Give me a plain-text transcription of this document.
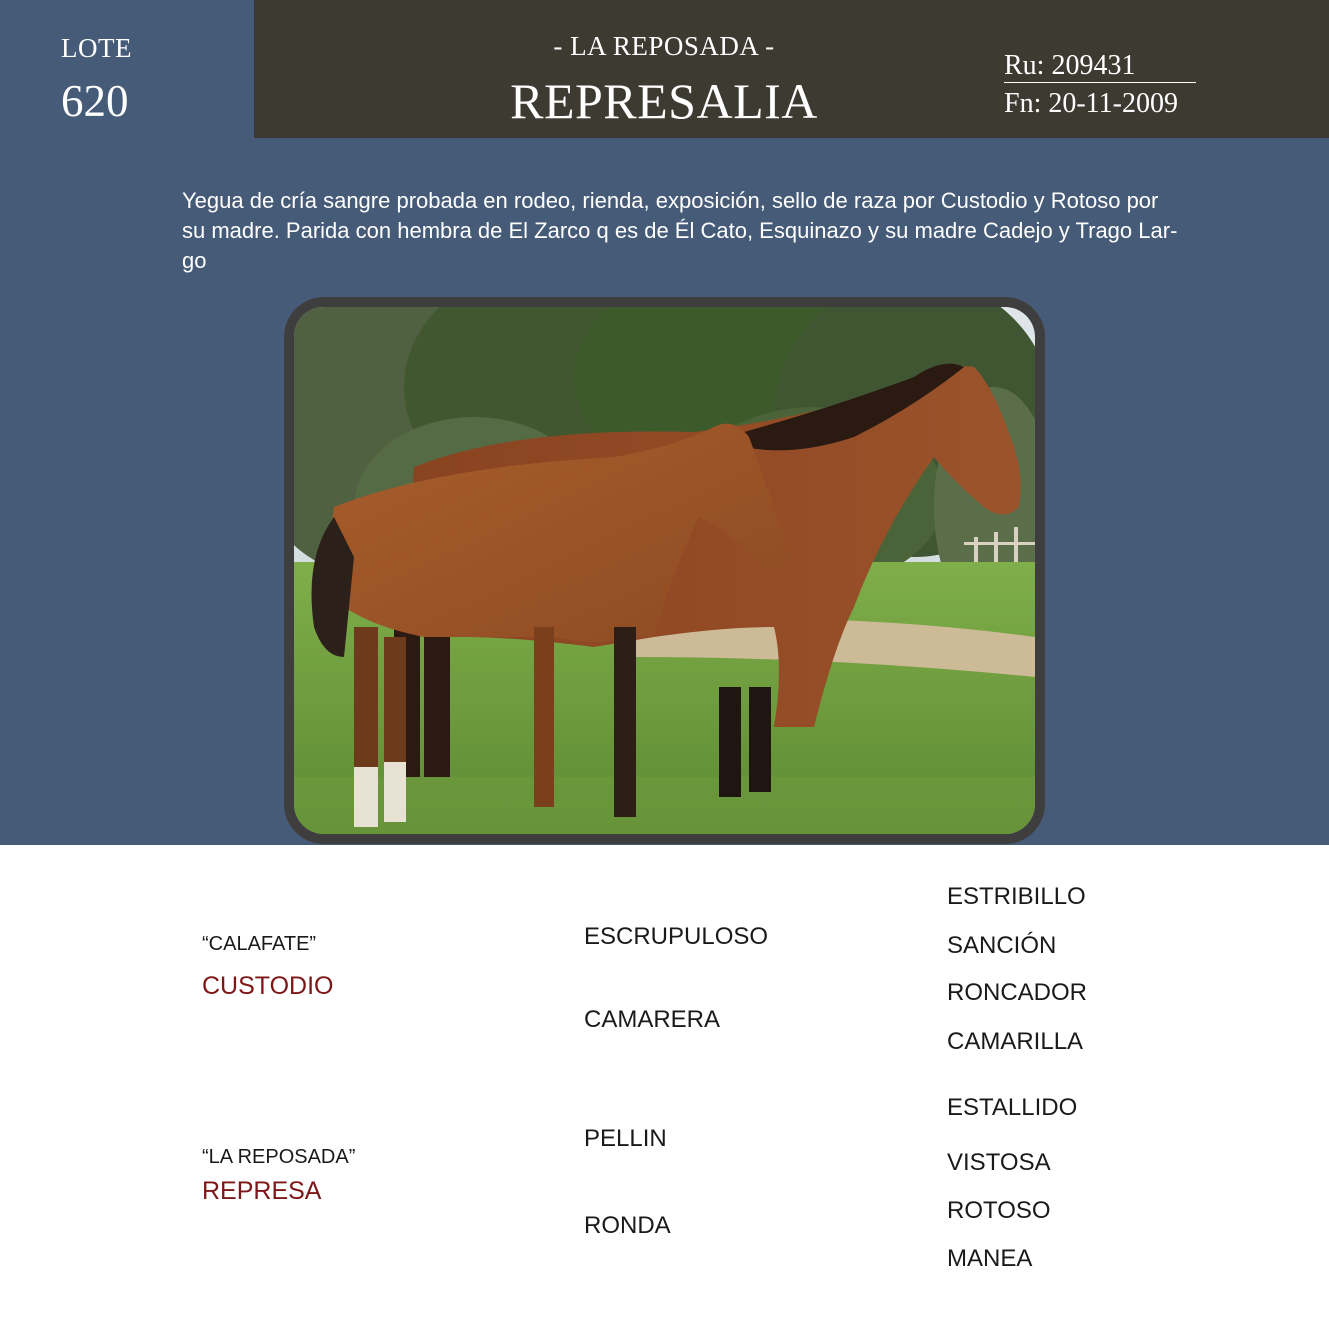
LOTE
620
- LA REPOSADA -
REPRESALIA
Ru: 209431
Fn: 20-11-2009
Yegua de cría sangre probada en rodeo, rienda, exposición, sello de raza por Custodio y Rotoso por
su madre. Parida con hembra de El Zarco q es de Él Cato, Esquinazo y su madre Cadejo y Trago Lar-
go
“CALAFATE”
CUSTODIO
ESCRUPULOSO
CAMARERA
ESTRIBILLO
SANCIÓN
RONCADOR
CAMARILLA
“LA REPOSADA”
REPRESA
PELLIN
RONDA
ESTALLIDO
VISTOSA
ROTOSO
MANEA
